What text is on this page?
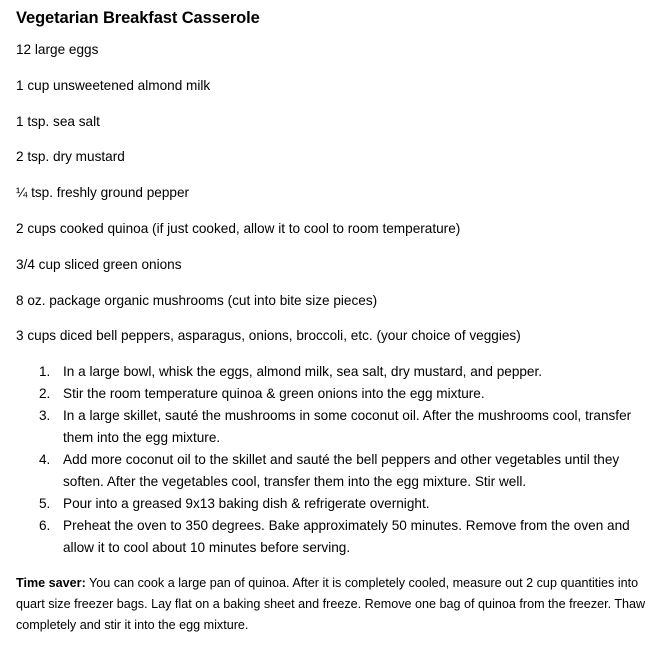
Vegetarian Breakfast Casserole
12 large eggs
1 cup unsweetened almond milk
1 tsp. sea salt
2 tsp. dry mustard
¼ tsp. freshly ground pepper
2 cups cooked quinoa (if just cooked, allow it to cool to room temperature)
3/4 cup sliced green onions
8 oz. package organic mushrooms (cut into bite size pieces)
3 cups diced bell peppers, asparagus, onions, broccoli, etc. (your choice of veggies)
1. In a large bowl, whisk the eggs, almond milk, sea salt, dry mustard, and pepper.
2. Stir the room temperature quinoa & green onions into the egg mixture.
3. In a large skillet, sauté the mushrooms in some coconut oil. After the mushrooms cool, transfer them into the egg mixture.
4. Add more coconut oil to the skillet and sauté the bell peppers and other vegetables until they soften. After the vegetables cool, transfer them into the egg mixture. Stir well.
5. Pour into a greased 9x13 baking dish & refrigerate overnight.
6. Preheat the oven to 350 degrees. Bake approximately 50 minutes. Remove from the oven and allow it to cool about 10 minutes before serving.

Time saver: You can cook a large pan of quinoa. After it is completely cooled, measure out 2 cup quantities into quart size freezer bags. Lay flat on a baking sheet and freeze. Remove one bag of quinoa from the freezer. Thaw completely and stir it into the egg mixture.
